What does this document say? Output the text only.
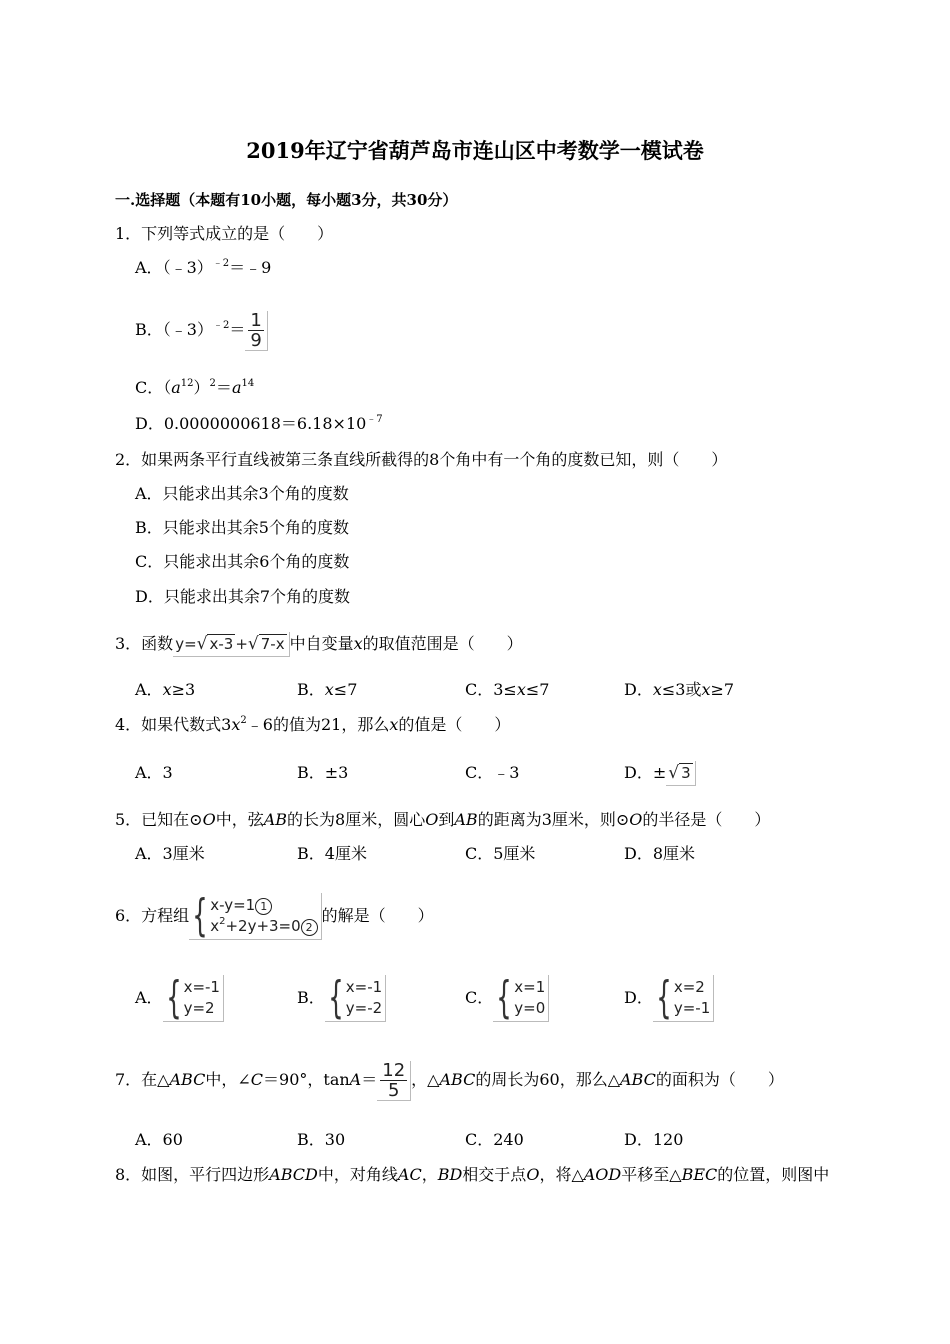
2019年辽宁省葫芦岛市连山区中考数学一模试卷
一.选择题（本题有10小题，每小题3分，共30分）
1．下列等式成立的是（　　）
A．（﹣3）$^{﹣2}$＝﹣9
B．（﹣3）$^{﹣2}$＝ $\frac{1}{9}$
C．$(a^{12})^2=a^{14}$
D．$0.0000000618=6.18\times 10^{﹣7}$
2．如果两条平行直线被第三条直线所截得的8个角中有一个角的度数已知，则（　　）
A．只能求出其余3个角的度数
B．只能求出其余5个角的度数
C．只能求出其余6个角的度数
D．只能求出其余7个角的度数
3．函数 y=√ x-3 +√ 7-x 中自变量x的取值范围是（　　）
A．x≥3	B．x≤7	C．3≤x≤7	D．x≤3或x≥7
4．如果代数式$3x^2﹣6$的值为21，那么x的值是（　　）
A．3	B．±3	C．﹣3	D．± √ 3
5．已知在⊙O中，弦AB的长为8厘米，圆心O到AB的距离为3厘米，则⊙O的半径是（　　）
A．3厘米	B．4厘米	C．5厘米	D．8厘米
6．方程组 { x-y=1 1
$x^2+2y+3=0$ 2
的解是（　　）
A． { x=-1
y=2
B． { x=-1
y=-2
C． { x=1
y=0
D． { x=2
y=-1
7．在△ABC中，∠C＝90°，$\tan A= \frac{12}{5}$ ，△ABC的周长为60，那么△ABC的面积为（　　）
A．60	B．30	C．240	D．120
8．如图，平行四边形ABCD中，对角线AC，BD相交于点O，将△AOD平移至△BEC的位置，则图中
